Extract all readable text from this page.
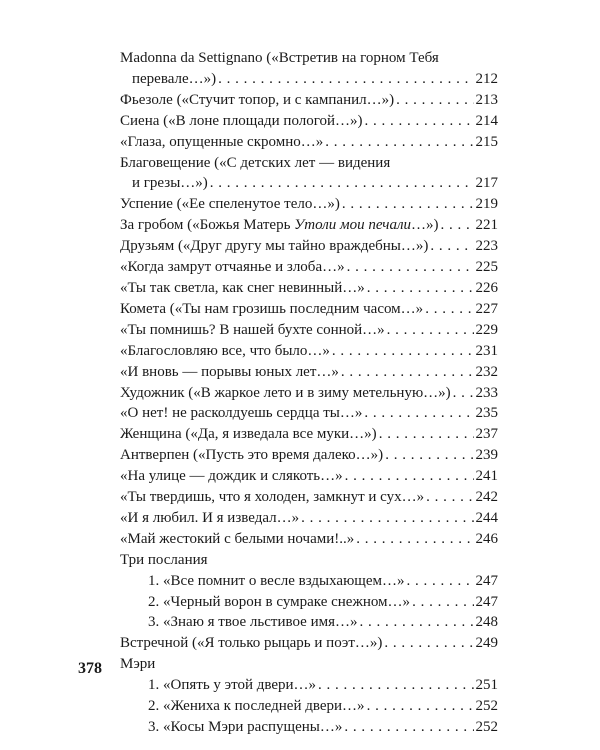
Madonna da Settignano («Встретив на горном Тебя
перевале…») . . .	212
Фьезоле («Стучит топор, и с кампанил…») . . .	213
Сиена («В лоне площади пологой…») . . .	214
«Глаза, опущенные скромно…» . . .	215
Благовещение («С детских лет — видения
и грезы…») . . .	217
Успение («Ее спеленутое тело…») . . .	219
За гробом («Божья Матерь Утоли мои печали…») . . . 221
Друзьям («Друг другу мы тайно враждебны…») . . .	223
«Когда замрут отчаянье и злоба…» . . .	225
«Ты так светла, как снег невинный…» . . .	226
Комета («Ты нам грозишь последним часом…» . . .	227
«Ты помнишь? В нашей бухте сонной…» . . .	229
«Благословляю все, что было…» . . .	231
«И вновь — порывы юных лет…» . . .	232
Художник («В жаркое лето и в зиму метельную…») . . . 233
«О нет! не расколдуешь сердца ты…» . . .	235
Женщина («Да, я изведала все муки…») . . .	237
Антверпен («Пусть это время далеко…») . . .	239
«На улице — дождик и слякоть…» . . .	241
«Ты твердишь, что я холоден, замкнут и сух…» . . .	242
«И я любил. И я изведал…» . . .	244
«Май жестокий с белыми ночами!..» . . .	246
Три послания
1. «Все помнит о весле вздыхающем…» . . .	247
2. «Черный ворон в сумраке снежном…» . . .	247
3. «Знаю я твое льстивое имя…» . . .	248
Встречной («Я только рыцарь и поэт…») . . .	249
Мэри
1. «Опять у этой двери…» . . .	251
2. «Жениха к последней двери…» . . .	252
3. «Косы Мэри распущены…» . . .	252
378
